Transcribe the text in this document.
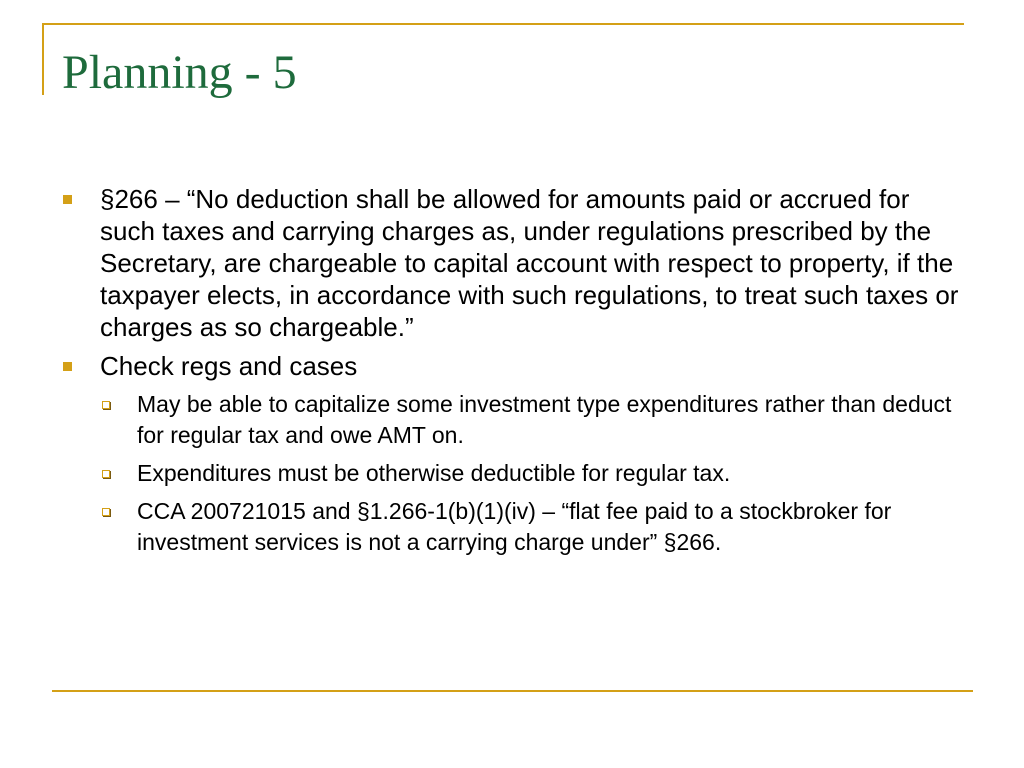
Planning - 5
§266 – “No deduction shall be allowed for amounts paid or accrued for such taxes and carrying charges as, under regulations prescribed by the Secretary, are chargeable to capital account with respect to property, if the taxpayer elects, in accordance with such regulations, to treat such taxes or charges as so chargeable.”
Check regs and cases
May be able to capitalize some investment type expenditures rather than deduct for regular tax and owe AMT on.
Expenditures must be otherwise deductible for regular tax.
CCA 200721015 and §1.266-1(b)(1)(iv) – “flat fee paid to a stockbroker for investment services is not a carrying charge under” §266.
